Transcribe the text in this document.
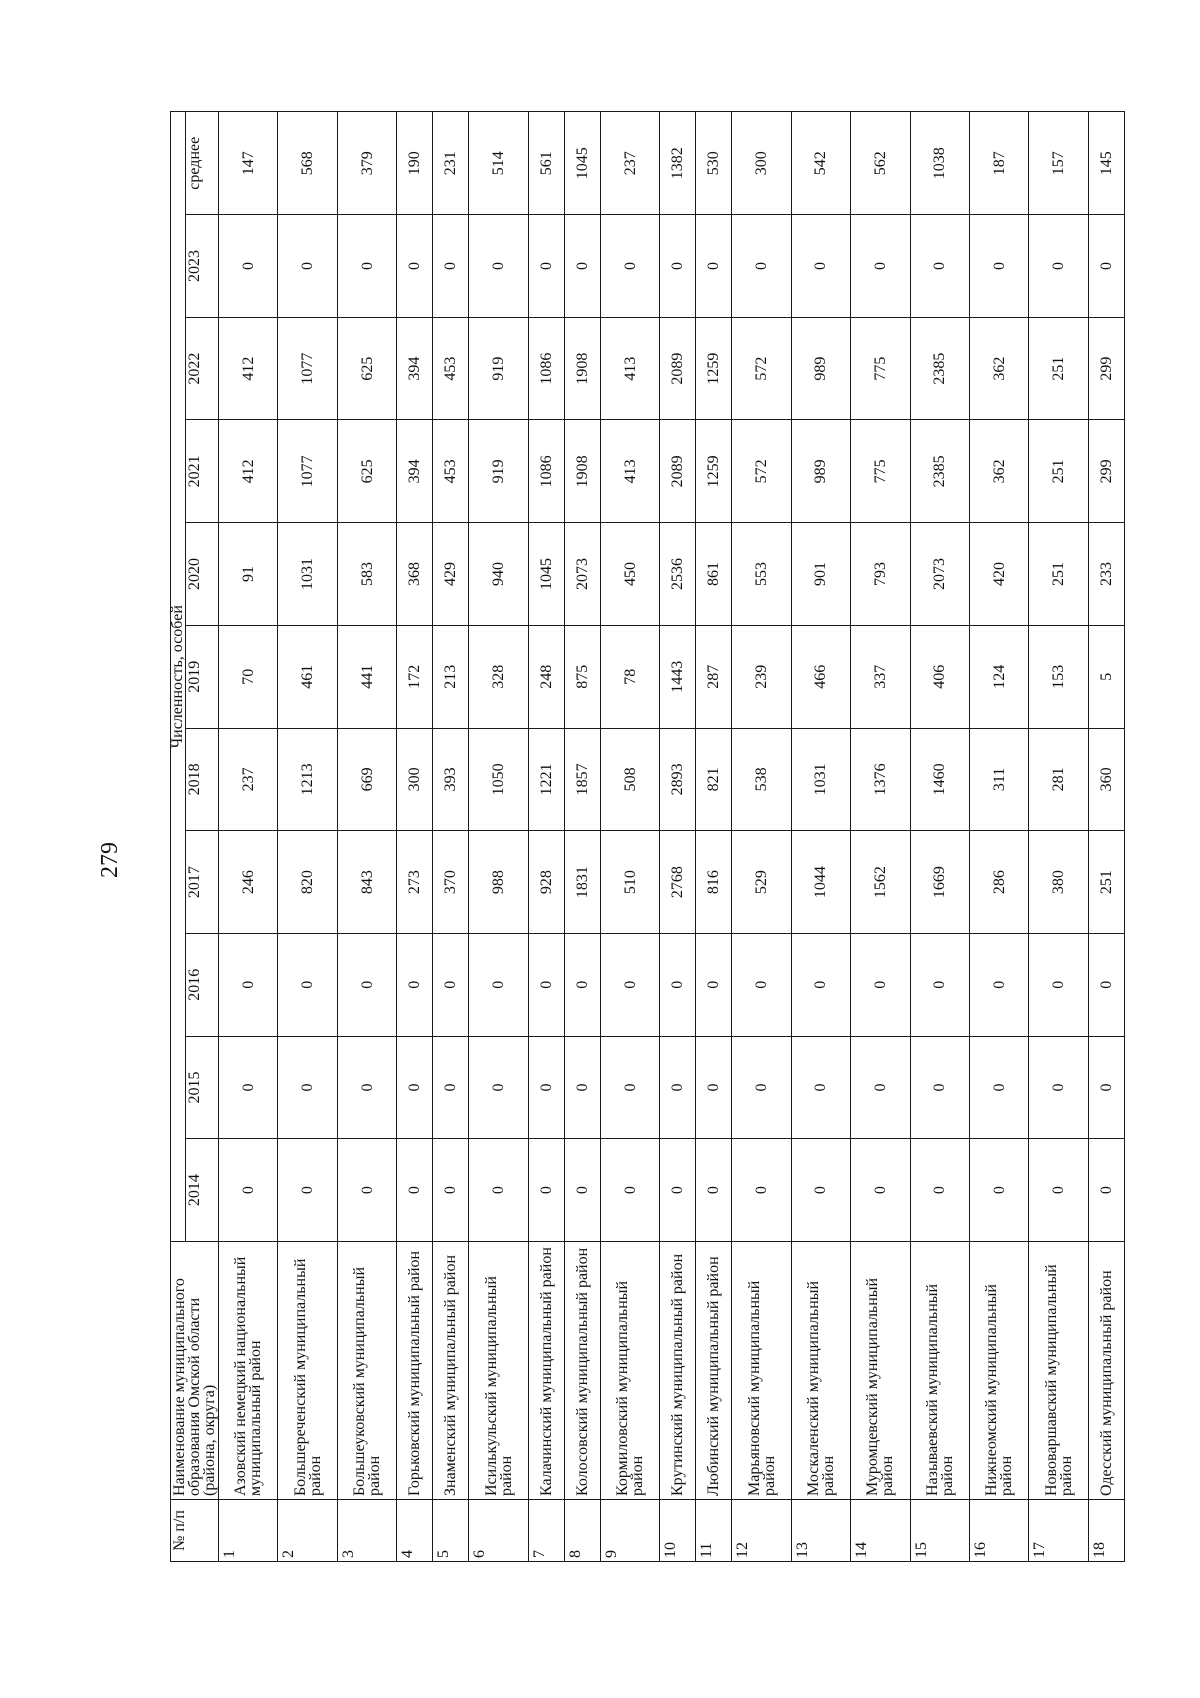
279
№ п/п	Наименование муниципального образования Омской области (района, округа)	Численность, особей										
		2014	2015	2016	2017	2018	2019	2020	2021	2022	2023	среднее
1	Азовский немецкий национальный муниципальный район	0	0	0	246	237	70	91	412	412	0	147
2	Большереченский муниципальный район	0	0	0	820	1213	461	1031	1077	1077	0	568
3	Большеуковский муниципальный район	0	0	0	843	669	441	583	625	625	0	379
4	Горьковский муниципальный район	0	0	0	273	300	172	368	394	394	0	190
5	Знаменский муниципальный район	0	0	0	370	393	213	429	453	453	0	231
6	Исилькульский муниципальный район	0	0	0	988	1050	328	940	919	919	0	514
7	Калачинский муниципальный район	0	0	0	928	1221	248	1045	1086	1086	0	561
8	Колосовский муниципальный район	0	0	0	1831	1857	875	2073	1908	1908	0	1045
9	Кормиловский муниципальный район	0	0	0	510	508	78	450	413	413	0	237
10	Крутинский муниципальный район	0	0	0	2768	2893	1443	2536	2089	2089	0	1382
11	Любинский муниципальный район	0	0	0	816	821	287	861	1259	1259	0	530
12	Марьяновский муниципальный район	0	0	0	529	538	239	553	572	572	0	300
13	Москаленский муниципальный район	0	0	0	1044	1031	466	901	989	989	0	542
14	Муромцевский муниципальный район	0	0	0	1562	1376	337	793	775	775	0	562
15	Называевский муниципальный район	0	0	0	1669	1460	406	2073	2385	2385	0	1038
16	Нижнеомский муниципальный район	0	0	0	286	311	124	420	362	362	0	187
17	Нововаршавский муниципальный район	0	0	0	380	281	153	251	251	251	0	157
18	Одесский муниципальный район	0	0	0	251	360	5	233	299	299	0	145
